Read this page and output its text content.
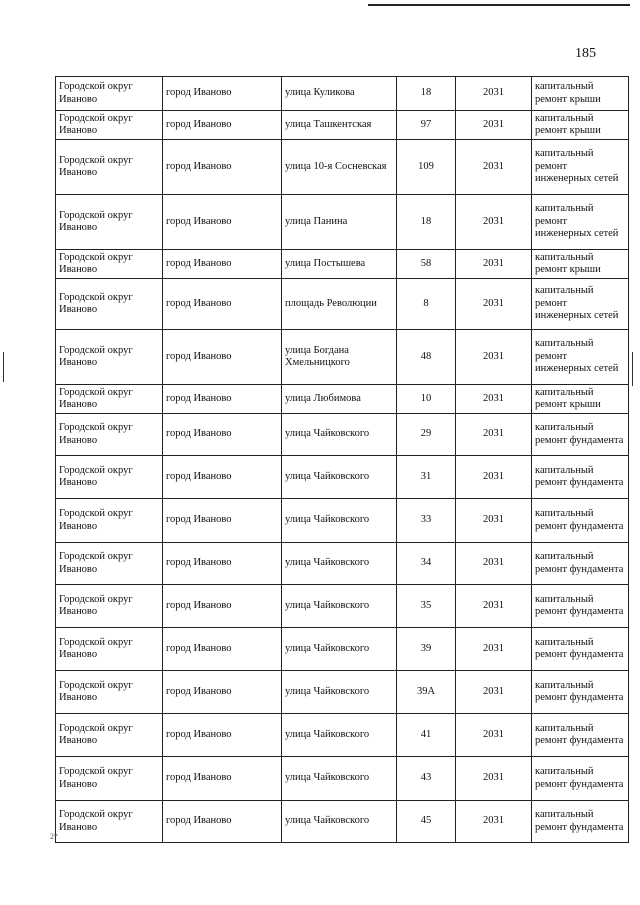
185
Городской округ Иваново	город Иваново	улица Куликова	18	2031	капитальный ремонт крыши
Городской округ Иваново	город Иваново	улица Ташкентская	97	2031	капитальный ремонт крыши
Городской округ Иваново	город Иваново	улица 10-я Сосневская	109	2031	капитальный ремонт инженерных сетей
Городской округ Иваново	город Иваново	улица Панина	18	2031	капитальный ремонт инженерных сетей
Городской округ Иваново	город Иваново	улица Постышева	58	2031	капитальный ремонт крыши
Городской округ Иваново	город Иваново	площадь Революции	8	2031	капитальный ремонт инженерных сетей
Городской округ Иваново	город Иваново	улица Богдана Хмельницкого	48	2031	капитальный ремонт инженерных сетей
Городской округ Иваново	город Иваново	улица Любимова	10	2031	капитальный ремонт крыши
Городской округ Иваново	город Иваново	улица Чайковского	29	2031	капитальный ремонт фундамента
Городской округ Иваново	город Иваново	улица Чайковского	31	2031	капитальный ремонт фундамента
Городской округ Иваново	город Иваново	улица Чайковского	33	2031	капитальный ремонт фундамента
Городской округ Иваново	город Иваново	улица Чайковского	34	2031	капитальный ремонт фундамента
Городской округ Иваново	город Иваново	улица Чайковского	35	2031	капитальный ремонт фундамента
Городской округ Иваново	город Иваново	улица Чайковского	39	2031	капитальный ремонт фундамента
Городской округ Иваново	город Иваново	улица Чайковского	39А	2031	капитальный ремонт фундамента
Городской округ Иваново	город Иваново	улица Чайковского	41	2031	капитальный ремонт фундамента
Городской округ Иваново	город Иваново	улица Чайковского	43	2031	капитальный ремонт фундамента
Городской округ Иваново	город Иваново	улица Чайковского	45	2031	капитальный ремонт фундамента
2*
